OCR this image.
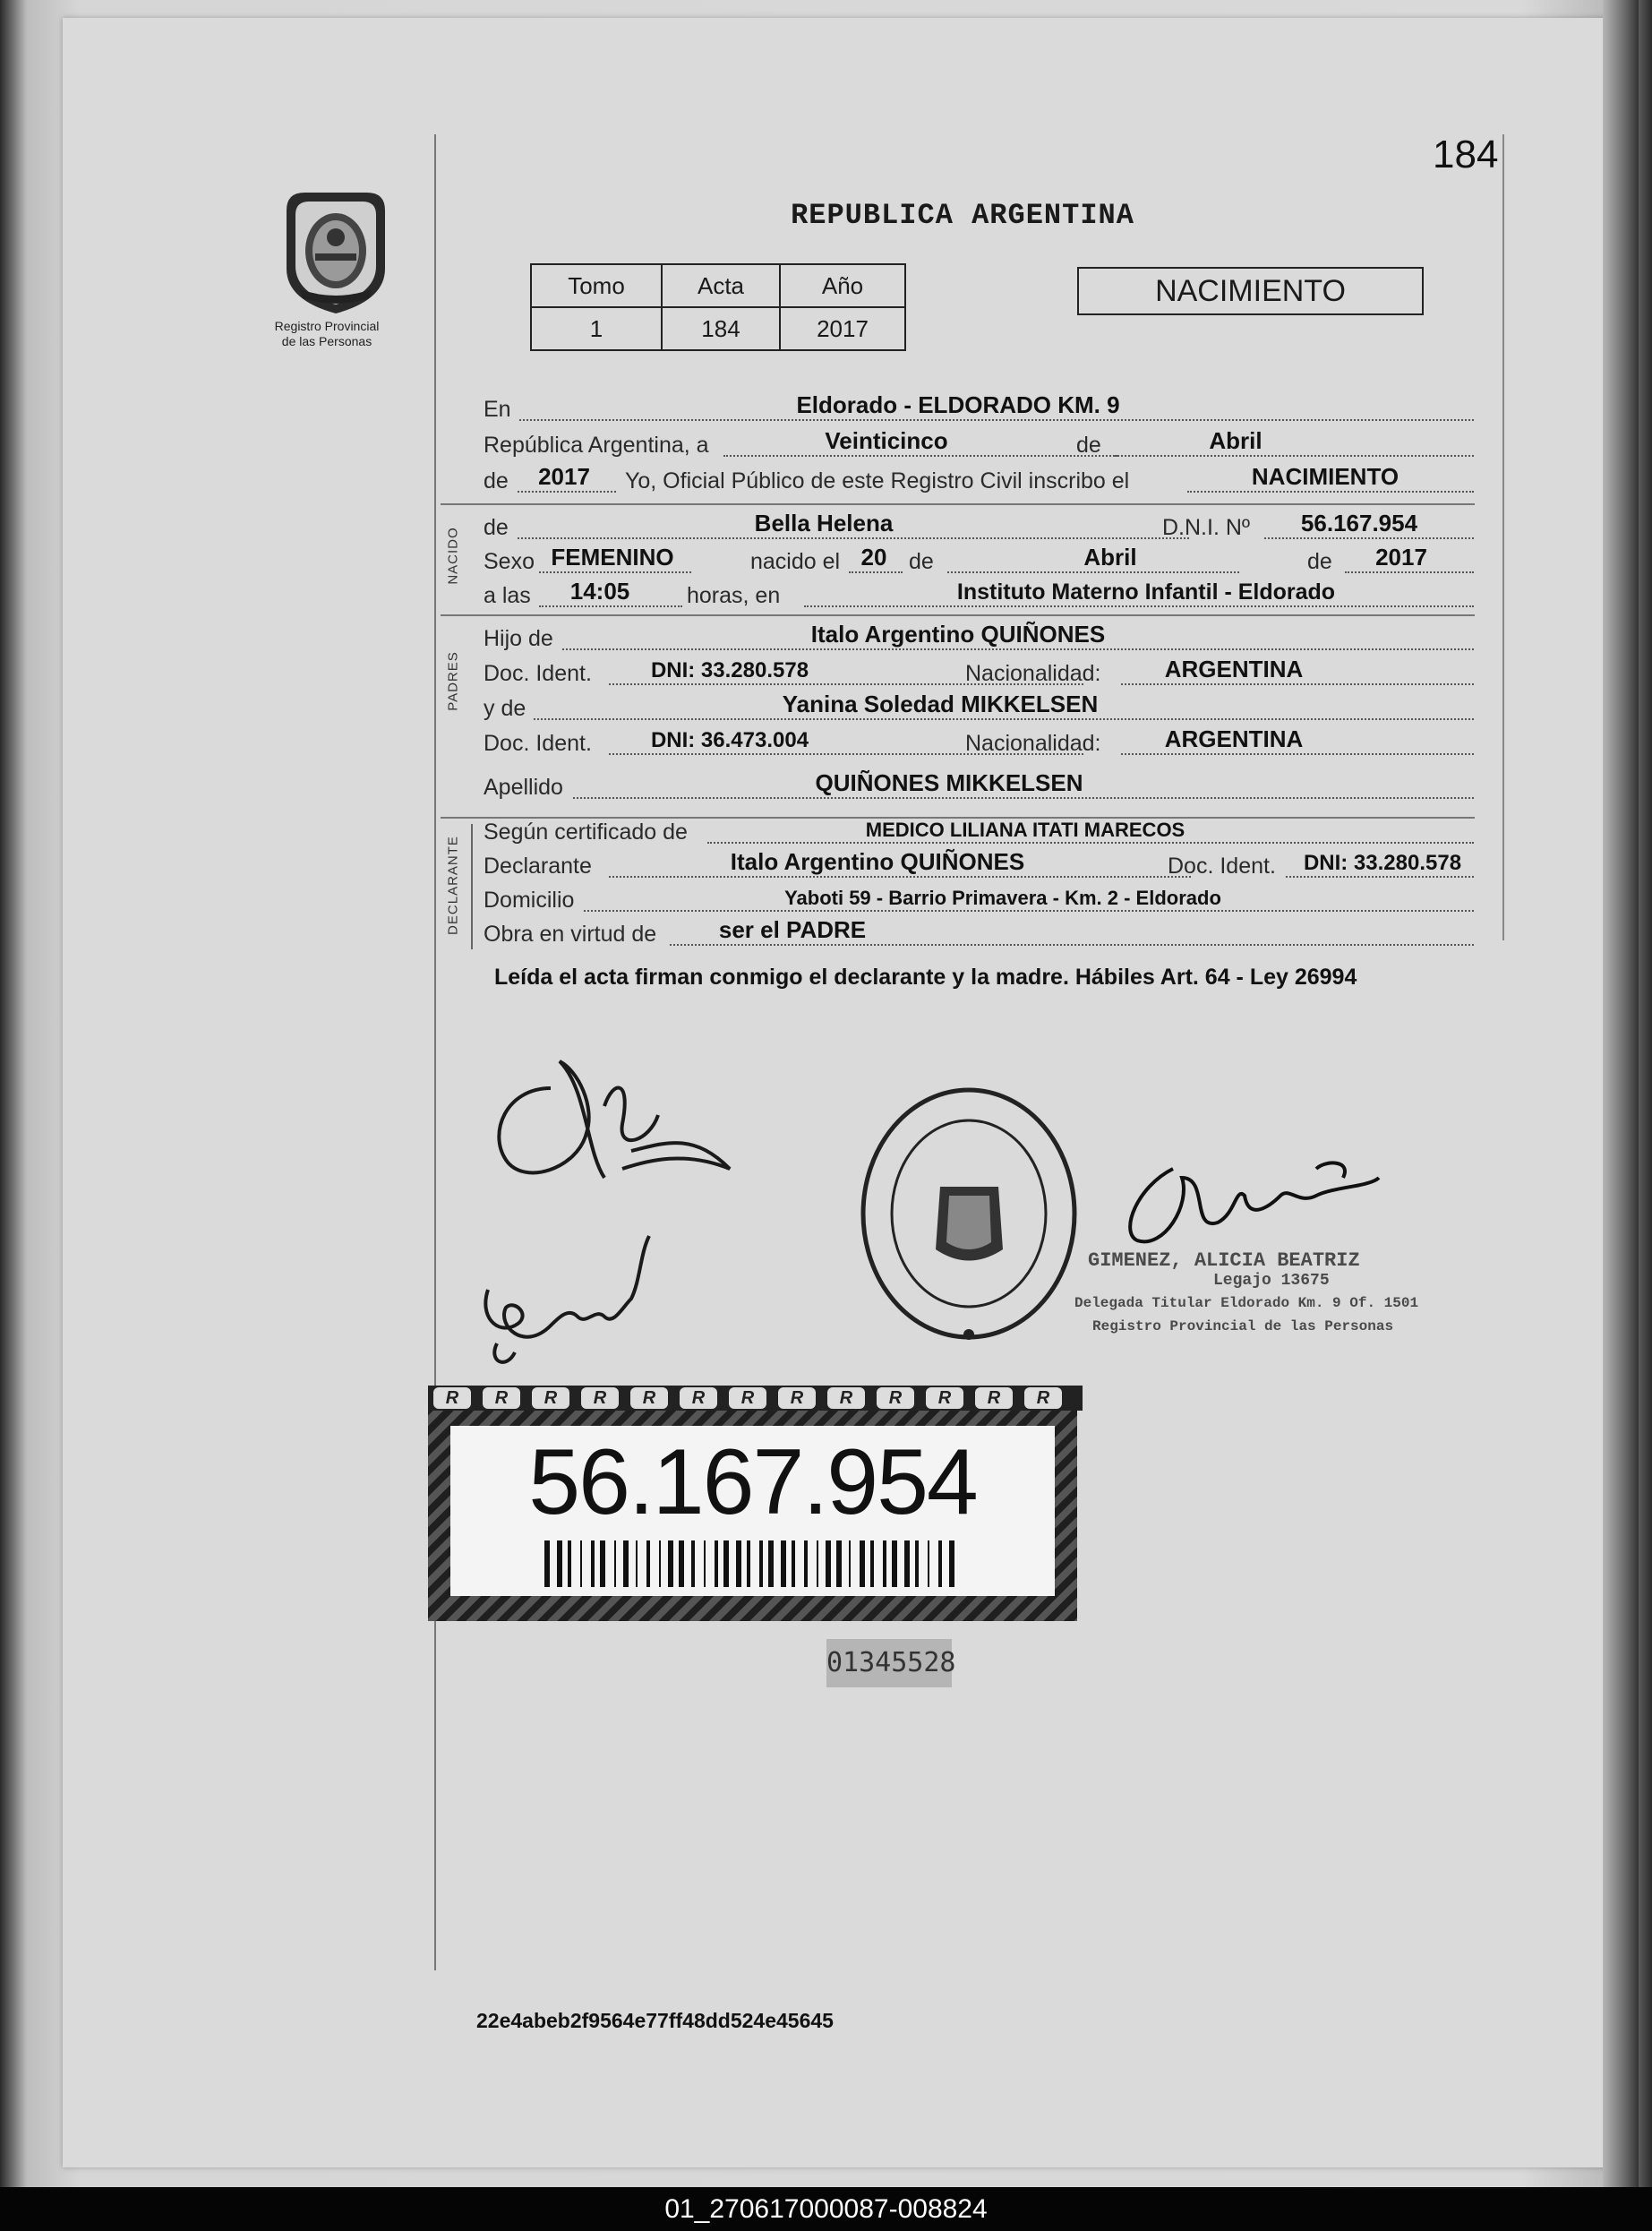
184
Registro Provincial
de las Personas
REPUBLICA ARGENTINA
Tomo	Acta	Año
1	184	2017
NACIMIENTO
En	Eldorado - ELDORADO KM. 9
República Argentina, a	Veinticinco	de	Abril
de	2017	Yo, Oficial Público de este Registro Civil inscribo el	NACIMIENTO
NACIDO de	Bella Helena	D.N.I. Nº	56.167.954
Sexo FEMENINO	nacido el 20 de	Abril	de	2017
a las	14:05	horas, en	Instituto Materno Infantil - Eldorado
PADRES
Hijo de	Italo Argentino QUIÑONES
Doc. Ident.	DNI: 33.280.578	Nacionalidad:	ARGENTINA
y de	Yanina Soledad MIKKELSEN
Doc. Ident.	DNI: 36.473.004	Nacionalidad:	ARGENTINA
Apellido	QUIÑONES MIKKELSEN
DECLARANTE
Según certificado de	MEDICO LILIANA ITATI MARECOS
Declarante	Italo Argentino QUIÑONES	Doc. Ident.	DNI: 33.280.578
Domicilio	Yaboti 59 - Barrio Primavera - Km. 2 - Eldorado
Obra en virtud de	ser el PADRE
Leída el acta firman conmigo el declarante y la madre. Hábiles Art. 64 - Ley 26994
GIMENEZ, ALICIA BEATRIZ
Legajo 13675
Delegada Titular Eldorado Km. 9 Of. 1501
Registro Provincial de las Personas
R	R	R	R	R	R	R	R	R	R	R	R	R
56.167.954
01345528
22e4abeb2f9564e77ff48dd524e45645
01_270617000087-008824
